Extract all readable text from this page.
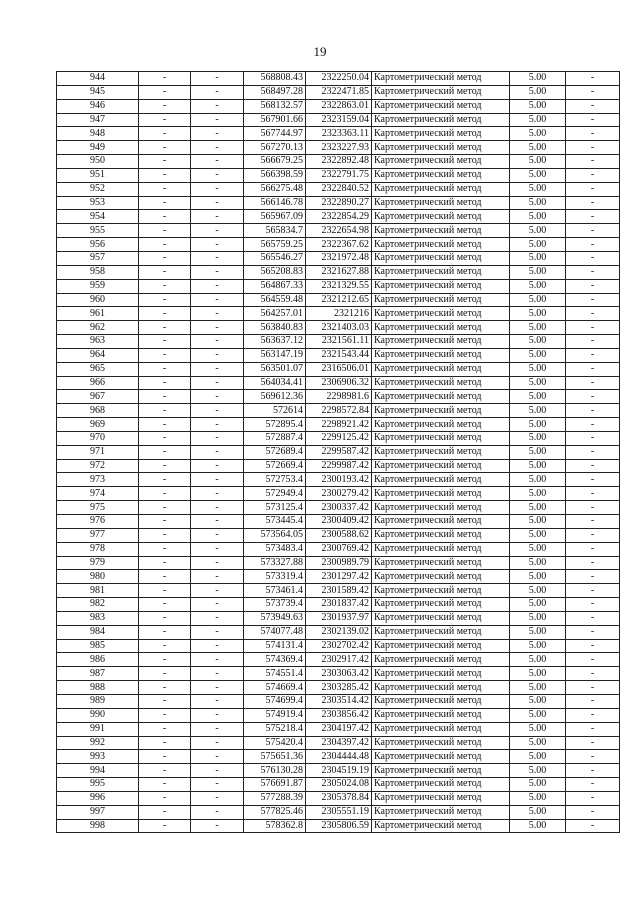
19
944	-	-	568808.43	2322250.04	Картометрический метод	5.00	-
945	-	-	568497.28	2322471.85	Картометрический метод	5.00	-
946	-	-	568132.57	2322863.01	Картометрический метод	5.00	-
947	-	-	567901.66	2323159.04	Картометрический метод	5.00	-
948	-	-	567744.97	2323363.11	Картометрический метод	5.00	-
949	-	-	567270.13	2323227.93	Картометрический метод	5.00	-
950	-	-	566679.25	2322892.48	Картометрический метод	5.00	-
951	-	-	566398.59	2322791.75	Картометрический метод	5.00	-
952	-	-	566275.48	2322840.52	Картометрический метод	5.00	-
953	-	-	566146.78	2322890.27	Картометрический метод	5.00	-
954	-	-	565967.09	2322854.29	Картометрический метод	5.00	-
955	-	-	565834.7	2322654.98	Картометрический метод	5.00	-
956	-	-	565759.25	2322367.62	Картометрический метод	5.00	-
957	-	-	565546.27	2321972.48	Картометрический метод	5.00	-
958	-	-	565208.83	2321627.88	Картометрический метод	5.00	-
959	-	-	564867.33	2321329.55	Картометрический метод	5.00	-
960	-	-	564559.48	2321212.65	Картометрический метод	5.00	-
961	-	-	564257.01	2321216	Картометрический метод	5.00	-
962	-	-	563840.83	2321403.03	Картометрический метод	5.00	-
963	-	-	563637.12	2321561.11	Картометрический метод	5.00	-
964	-	-	563147.19	2321543.44	Картометрический метод	5.00	-
965	-	-	563501.07	2316506.01	Картометрический метод	5.00	-
966	-	-	564034.41	2306906.32	Картометрический метод	5.00	-
967	-	-	569612.36	2298981.6	Картометрический метод	5.00	-
968	-	-	572614	2298572.84	Картометрический метод	5.00	-
969	-	-	572895.4	2298921.42	Картометрический метод	5.00	-
970	-	-	572887.4	2299125.42	Картометрический метод	5.00	-
971	-	-	572689.4	2299587.42	Картометрический метод	5.00	-
972	-	-	572669.4	2299987.42	Картометрический метод	5.00	-
973	-	-	572753.4	2300193.42	Картометрический метод	5.00	-
974	-	-	572949.4	2300279.42	Картометрический метод	5.00	-
975	-	-	573125.4	2300337.42	Картометрический метод	5.00	-
976	-	-	573445.4	2300409.42	Картометрический метод	5.00	-
977	-	-	573564.05	2300588.62	Картометрический метод	5.00	-
978	-	-	573483.4	2300769.42	Картометрический метод	5.00	-
979	-	-	573327.88	2300989.79	Картометрический метод	5.00	-
980	-	-	573319.4	2301297.42	Картометрический метод	5.00	-
981	-	-	573461.4	2301589.42	Картометрический метод	5.00	-
982	-	-	573739.4	2301837.42	Картометрический метод	5.00	-
983	-	-	573949.63	2301937.97	Картометрический метод	5.00	-
984	-	-	574077.48	2302139.02	Картометрический метод	5.00	-
985	-	-	574131.4	2302702.42	Картометрический метод	5.00	-
986	-	-	574369.4	2302917.42	Картометрический метод	5.00	-
987	-	-	574551.4	2303063.42	Картометрический метод	5.00	-
988	-	-	574669.4	2303285.42	Картометрический метод	5.00	-
989	-	-	574699.4	2303514.42	Картометрический метод	5.00	-
990	-	-	574919.4	2303856.42	Картометрический метод	5.00	-
991	-	-	575218.4	2304197.42	Картометрический метод	5.00	-
992	-	-	575420.4	2304397.42	Картометрический метод	5.00	-
993	-	-	575651.36	2304444.48	Картометрический метод	5.00	-
994	-	-	576130.28	2304519.19	Картометрический метод	5.00	-
995	-	-	576691.87	2305024.08	Картометрический метод	5.00	-
996	-	-	577288.39	2305378.84	Картометрический метод	5.00	-
997	-	-	577825.46	2305551.19	Картометрический метод	5.00	-
998	-	-	578362.8	2305806.59	Картометрический метод	5.00	-
